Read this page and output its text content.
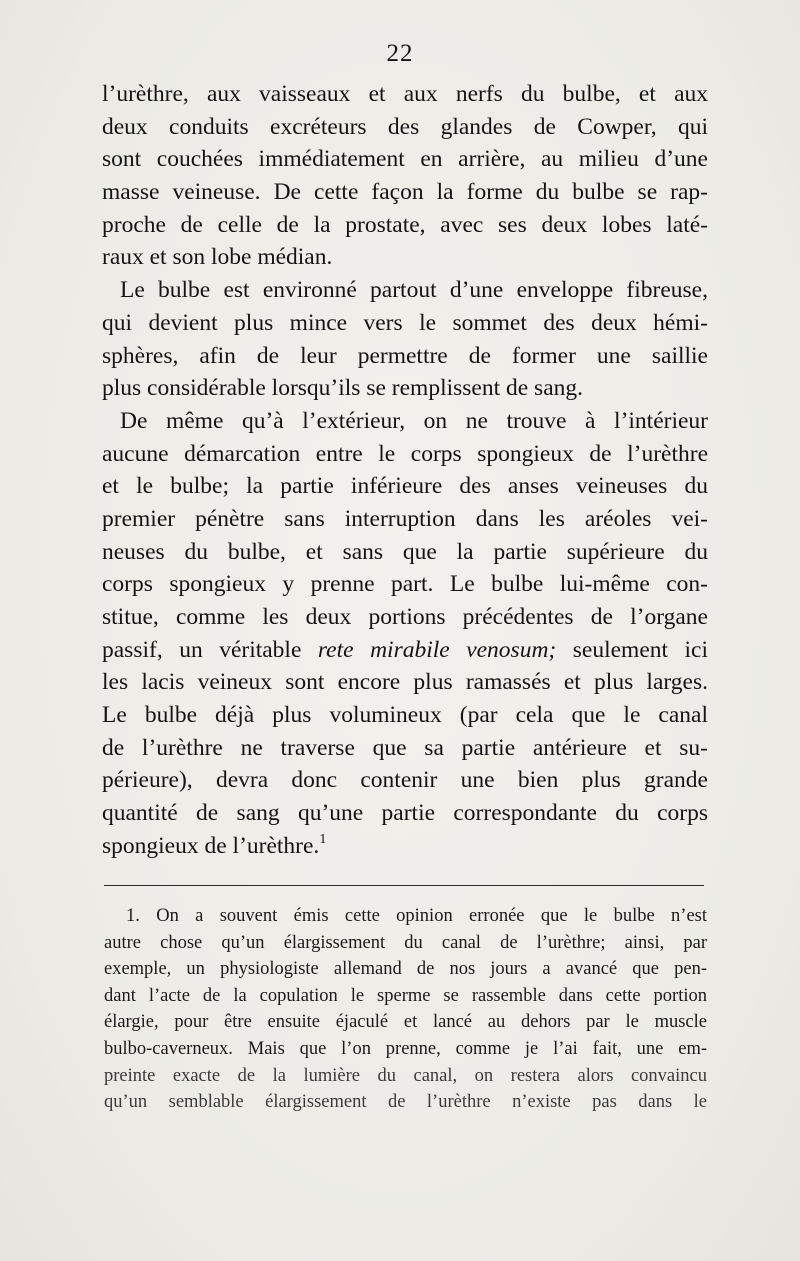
22
l’urèthre, aux vaisseaux et aux nerfs du bulbe, et aux
deux conduits excréteurs des glandes de Cowper, qui
sont couchées immédiatement en arrière, au milieu d’une
masse veineuse. De cette façon la forme du bulbe se rap-
proche de celle de la prostate, avec ses deux lobes laté-
raux et son lobe médian.
Le bulbe est environné partout d’une enveloppe fibreuse,
qui devient plus mince vers le sommet des deux hémi-
sphères, afin de leur permettre de former une saillie
plus considérable lorsqu’ils se remplissent de sang.
De même qu’à l’extérieur, on ne trouve à l’intérieur
aucune démarcation entre le corps spongieux de l’urèthre
et le bulbe; la partie inférieure des anses veineuses du
premier pénètre sans interruption dans les aréoles vei-
neuses du bulbe, et sans que la partie supérieure du
corps spongieux y prenne part. Le bulbe lui-même con-
stitue, comme les deux portions précédentes de l’organe
passif, un véritable rete mirabile venosum; seulement ici
les lacis veineux sont encore plus ramassés et plus larges.
Le bulbe déjà plus volumineux (par cela que le canal
de l’urèthre ne traverse que sa partie antérieure et su-
périeure), devra donc contenir une bien plus grande
quantité de sang qu’une partie correspondante du corps
spongieux de l’urèthre.$^1$
1. On a souvent émis cette opinion erronée que le bulbe n’est
autre chose qu’un élargissement du canal de l’urèthre; ainsi, par
exemple, un physiologiste allemand de nos jours a avancé que pen-
dant l’acte de la copulation le sperme se rassemble dans cette portion
élargie, pour être ensuite éjaculé et lancé au dehors par le muscle
bulbo-caverneux. Mais que l’on prenne, comme je l’ai fait, une em-
preinte exacte de la lumière du canal, on restera alors convaincu
qu’un semblable élargissement de l’urèthre n’existe pas dans le
